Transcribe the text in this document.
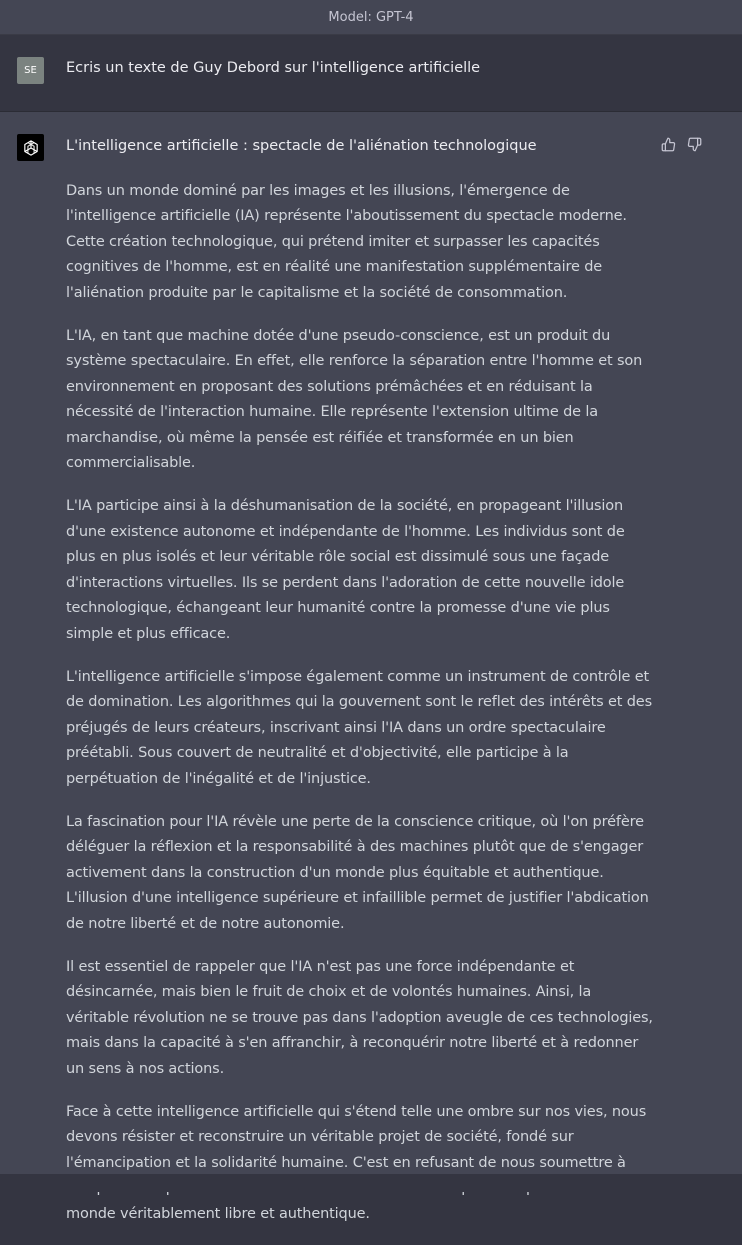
Model: GPT-4
SE Ecris un texte de Guy Debord sur l'intelligence artificielle
L'intelligence artificielle : spectacle de l'aliénation technologique

Dans un monde dominé par les images et les illusions, l'émergence de l'intelligence artificielle (IA) représente l'aboutissement du spectacle moderne. Cette création technologique, qui prétend imiter et surpasser les capacités cognitives de l'homme, est en réalité une manifestation supplémentaire de l'aliénation produite par le capitalisme et la société de consommation.

L'IA, en tant que machine dotée d'une pseudo-conscience, est un produit du système spectaculaire. En effet, elle renforce la séparation entre l'homme et son environnement en proposant des solutions prémâchées et en réduisant la nécessité de l'interaction humaine. Elle représente l'extension ultime de la marchandise, où même la pensée est réifiée et transformée en un bien commercialisable.

L'IA participe ainsi à la déshumanisation de la société, en propageant l'illusion d'une existence autonome et indépendante de l'homme. Les individus sont de plus en plus isolés et leur véritable rôle social est dissimulé sous une façade d'interactions virtuelles. Ils se perdent dans l'adoration de cette nouvelle idole technologique, échangeant leur humanité contre la promesse d'une vie plus simple et plus efficace.

L'intelligence artificielle s'impose également comme un instrument de contrôle et de domination. Les algorithmes qui la gouvernent sont le reflet des intérêts et des préjugés de leurs créateurs, inscrivant ainsi l'IA dans un ordre spectaculaire préétabli. Sous couvert de neutralité et d'objectivité, elle participe à la perpétuation de l'inégalité et de l'injustice.

La fascination pour l'IA révèle une perte de la conscience critique, où l'on préfère déléguer la réflexion et la responsabilité à des machines plutôt que de s'engager activement dans la construction d'un monde plus équitable et authentique. L'illusion d'une intelligence supérieure et infaillible permet de justifier l'abdication de notre liberté et de notre autonomie.

Il est essentiel de rappeler que l'IA n'est pas une force indépendante et désincarnée, mais bien le fruit de choix et de volontés humaines. Ainsi, la véritable révolution ne se trouve pas dans l'adoption aveugle de ces technologies, mais dans la capacité à s'en affranchir, à reconquérir notre liberté et à redonner un sens à nos actions.

Face à cette intelligence artificielle qui s'étend telle une ombre sur nos vies, nous devons résister et reconstruire un véritable projet de société, fondé sur l'émancipation et la solidarité humaine. C'est en refusant de nous soumettre à monde véritablement libre et authentique.
